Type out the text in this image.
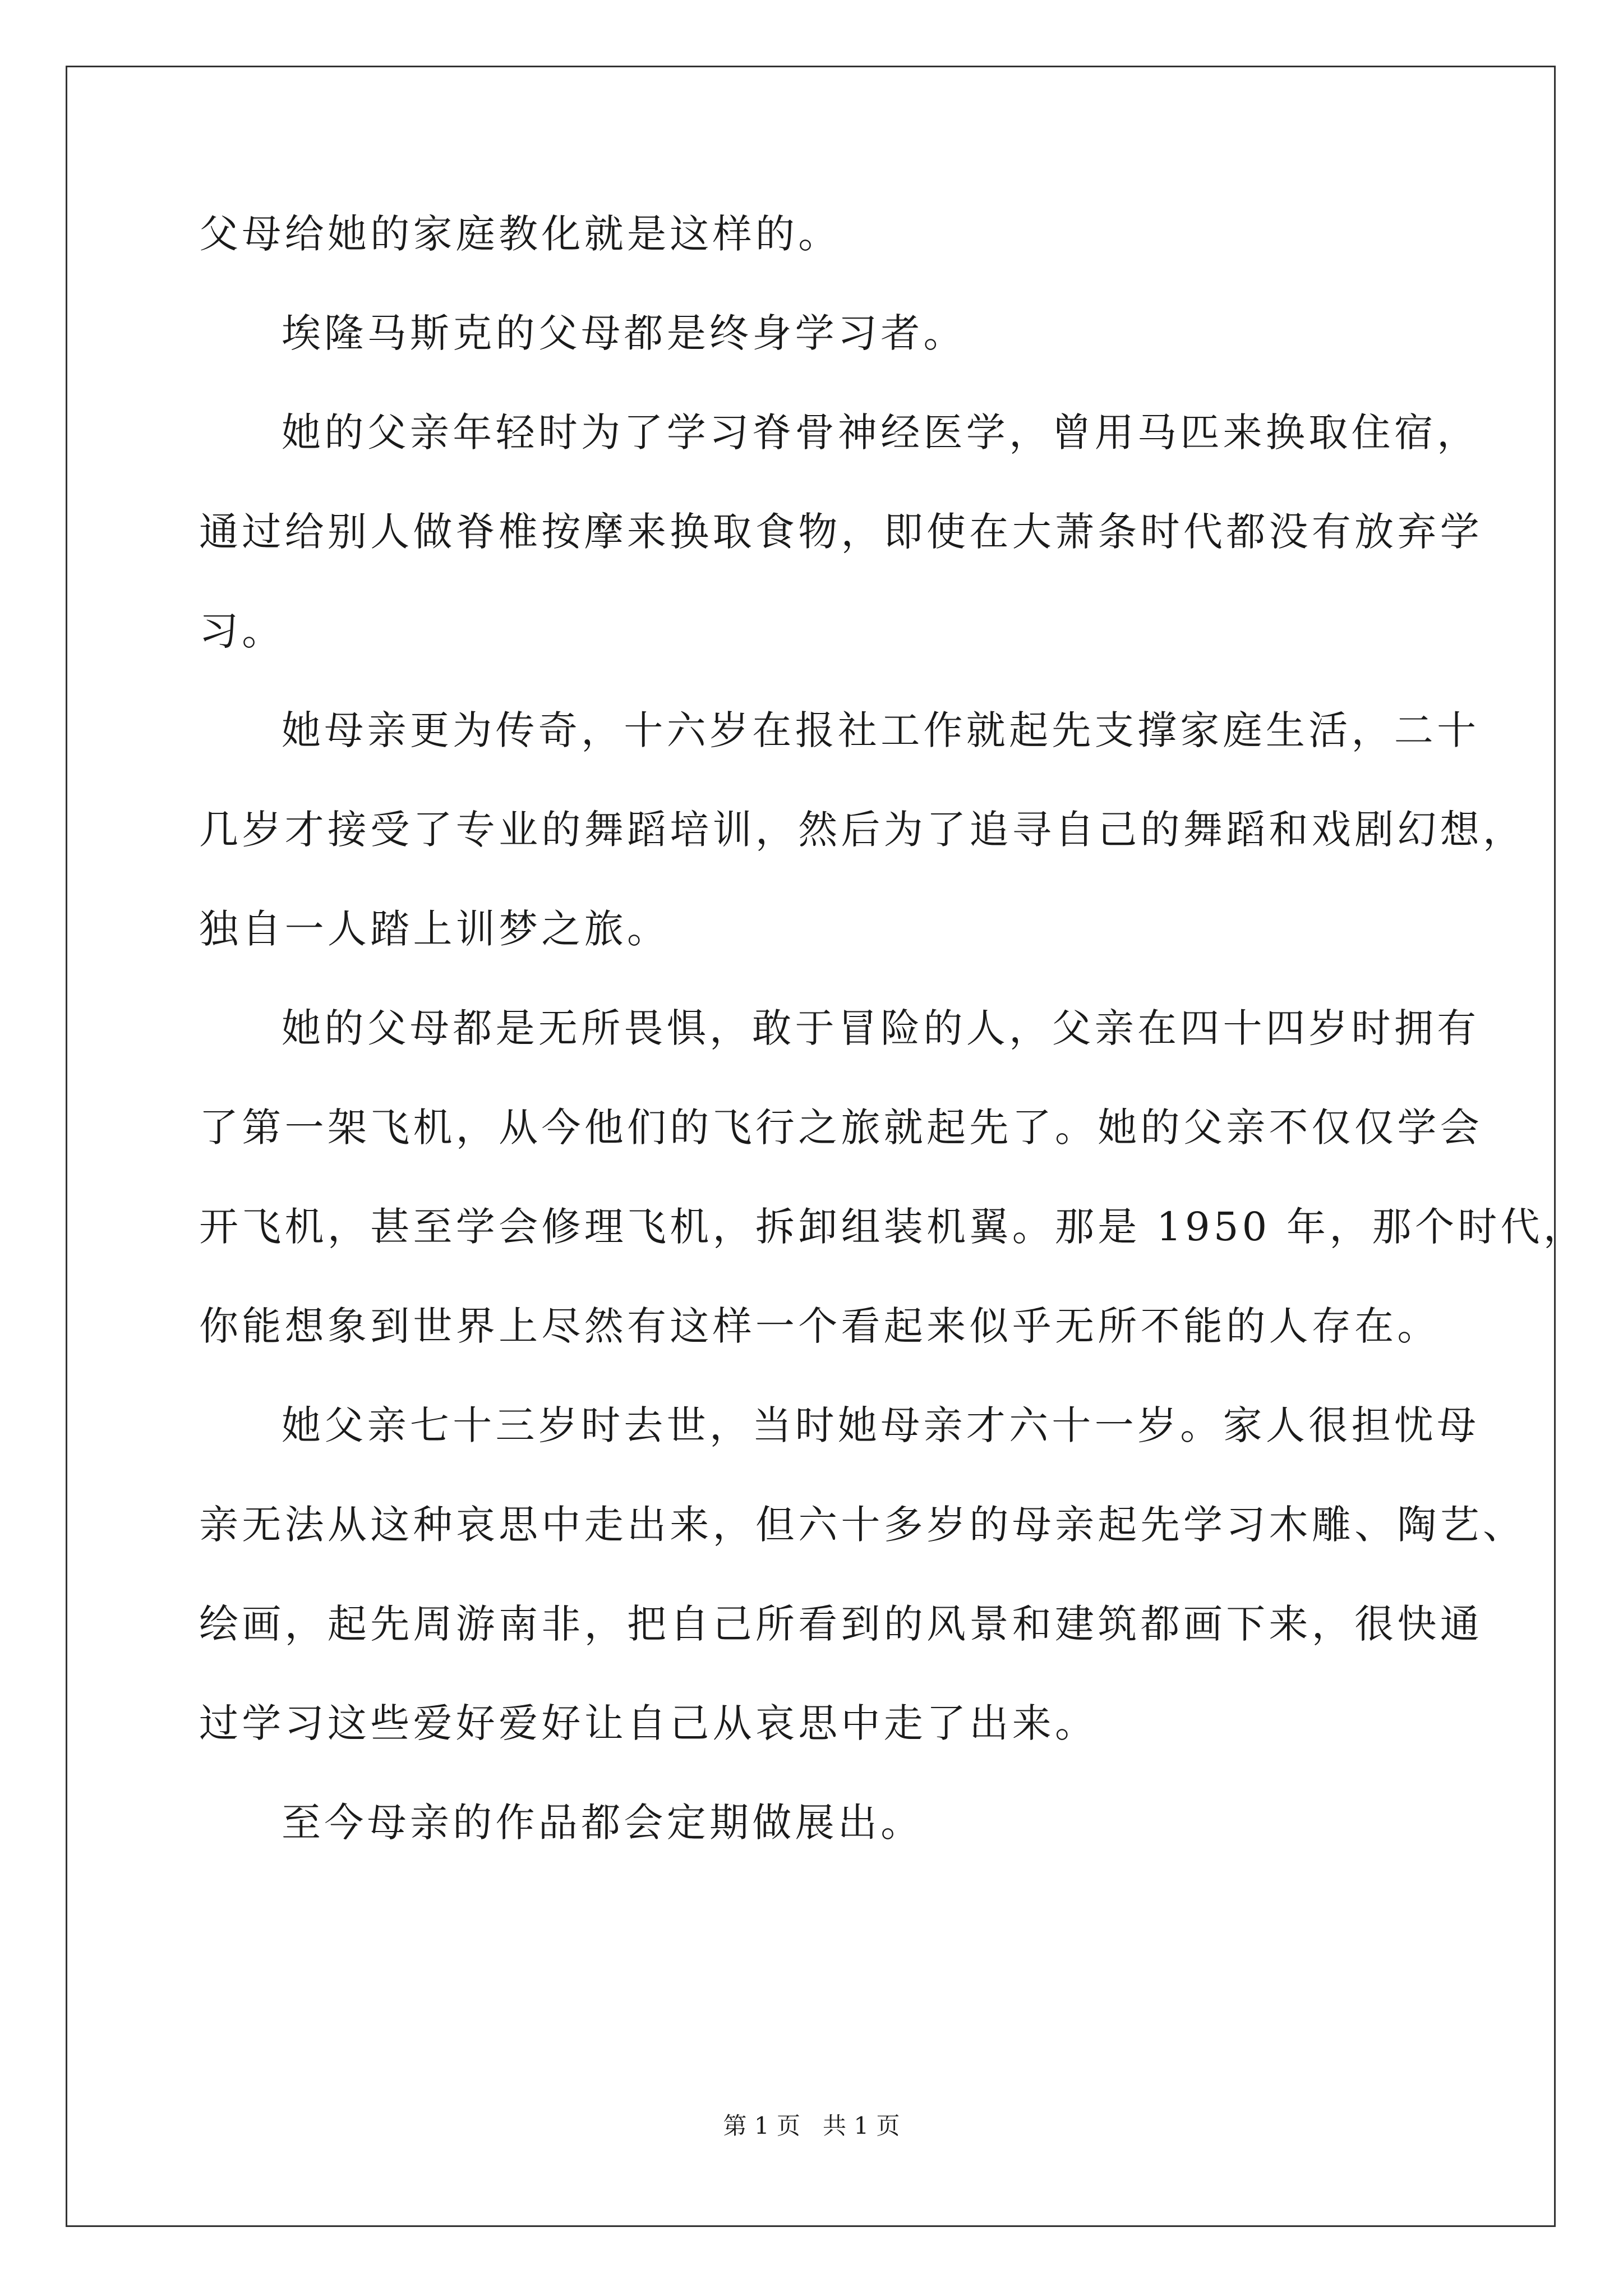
父母给她的家庭教化就是这样的。
埃隆马斯克的父母都是终身学习者。
她的父亲年轻时为了学习脊骨神经医学，曾用马匹来换取住宿，
通过给别人做脊椎按摩来换取食物，即使在大萧条时代都没有放弃学
习。
她母亲更为传奇，十六岁在报社工作就起先支撑家庭生活，二十
几岁才接受了专业的舞蹈培训，然后为了追寻自己的舞蹈和戏剧幻想，
独自一人踏上训梦之旅。
她的父母都是无所畏惧，敢于冒险的人，父亲在四十四岁时拥有
了第一架飞机，从今他们的飞行之旅就起先了。她的父亲不仅仅学会
开飞机，甚至学会修理飞机，拆卸组装机翼。那是 1950 年，那个时代，
你能想象到世界上尽然有这样一个看起来似乎无所不能的人存在。
她父亲七十三岁时去世，当时她母亲才六十一岁。家人很担忧母
亲无法从这种哀思中走出来，但六十多岁的母亲起先学习木雕、陶艺、
绘画，起先周游南非，把自己所看到的风景和建筑都画下来，很快通
过学习这些爱好爱好让自己从哀思中走了出来。
至今母亲的作品都会定期做展出。
第 1 页   共 1 页
